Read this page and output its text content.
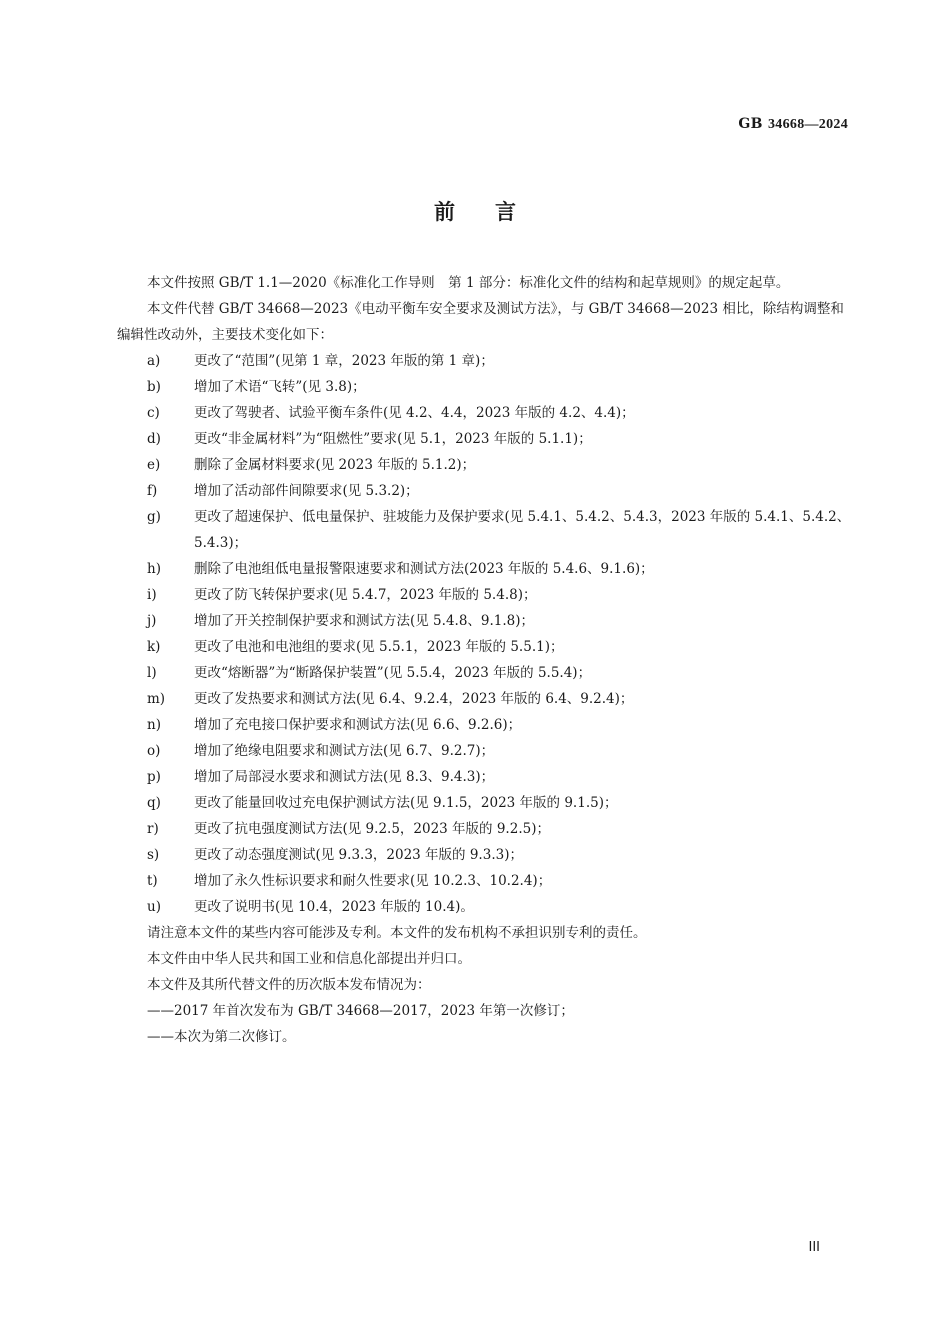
GB 34668—2024
前言

本文件按照 GB/T 1.1—2020《标准化工作导则　第 1 部分：标准化文件的结构和起草规则》的规定起草。

本文件代替 GB/T 34668—2023《电动平衡车安全要求及测试方法》，与 GB/T 34668—2023 相比，除结构调整和编辑性改动外，主要技术变化如下：

a)	更改了“范围”(见第 1 章，2023 年版的第 1 章)；
b)	增加了术语“飞转”(见 3.8)；
c)	更改了驾驶者、试验平衡车条件(见 4.2、4.4，2023 年版的 4.2、4.4)；
d)	更改“非金属材料”为“阻燃性”要求(见 5.1，2023 年版的 5.1.1)；
e)	删除了金属材料要求(见 2023 年版的 5.1.2)；
f)	增加了活动部件间隙要求(见 5.3.2)；
g)	更改了超速保护、低电量保护、驻坡能力及保护要求(见 5.4.1、5.4.2、5.4.3，2023 年版的 5.4.1、5.4.2、5.4.3)；
h)	删除了电池组低电量报警限速要求和测试方法(2023 年版的 5.4.6、9.1.6)；
i)	更改了防飞转保护要求(见 5.4.7，2023 年版的 5.4.8)；
j)	增加了开关控制保护要求和测试方法(见 5.4.8、9.1.8)；
k)	更改了电池和电池组的要求(见 5.5.1，2023 年版的 5.5.1)；
l)	更改“熔断器”为“断路保护装置”(见 5.5.4，2023 年版的 5.5.4)；
m)	更改了发热要求和测试方法(见 6.4、9.2.4，2023 年版的 6.4、9.2.4)；
n)	增加了充电接口保护要求和测试方法(见 6.6、9.2.6)；
o)	增加了绝缘电阻要求和测试方法(见 6.7、9.2.7)；
p)	增加了局部浸水要求和测试方法(见 8.3、9.4.3)；
q)	更改了能量回收过充电保护测试方法(见 9.1.5，2023 年版的 9.1.5)；
r)	更改了抗电强度测试方法(见 9.2.5，2023 年版的 9.2.5)；
s)	更改了动态强度测试(见 9.3.3，2023 年版的 9.3.3)；
t)	增加了永久性标识要求和耐久性要求(见 10.2.3、10.2.4)；
u)	更改了说明书(见 10.4，2023 年版的 10.4)。

请注意本文件的某些内容可能涉及专利。本文件的发布机构不承担识别专利的责任。

本文件由中华人民共和国工业和信息化部提出并归口。

本文件及其所代替文件的历次版本发布情况为：

——2017 年首次发布为 GB/T 34668—2017，2023 年第一次修订；

——本次为第二次修订。

III
